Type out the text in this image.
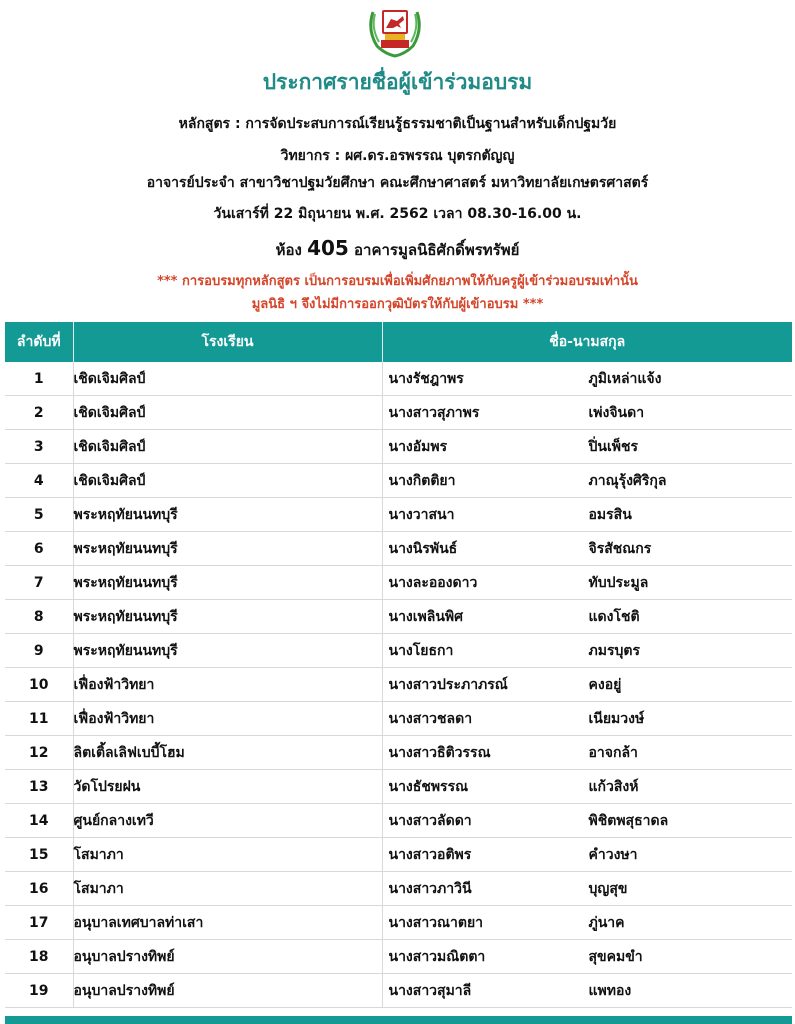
ประกาศรายชื่อผู้เข้าร่วมอบรม
หลักสูตร : การจัดประสบการณ์เรียนรู้ธรรมชาติเป็นฐานสำหรับเด็กปฐมวัย
วิทยากร : ผศ.ดร.อรพรรณ บุตรกตัญญู
อาจารย์ประจำ สาขาวิชาปฐมวัยศึกษา คณะศึกษาศาสตร์ มหาวิทยาลัยเกษตรศาสตร์
วันเสาร์ที่ 22 มิถุนายน พ.ศ. 2562 เวลา 08.30-16.00 น.
ห้อง 405 อาคารมูลนิธิศักดิ์พรทรัพย์
*** การอบรมทุกหลักสูตร เป็นการอบรมเพื่อเพิ่มศักยภาพให้กับครูผู้เข้าร่วมอบรมเท่านั้น
มูลนิธิ ฯ จึงไม่มีการออกวุฒิบัตรให้กับผู้เข้าอบรม ***
ลำดับที่	โรงเรียน	ชื่อ-นามสกุล
1	เชิดเจิมศิลป์	นางรัชฎาพร ภูมิเหล่าแจ้ง

2	เชิดเจิมศิลป์	นางสาวสุภาพร เพ่งจินดา

3	เชิดเจิมศิลป์	นางอัมพร ปิ่นเพ็ชร

4	เชิดเจิมศิลป์	นางกิตติยา ภาณุรุ้งศิริกุล

5	พระหฤทัยนนทบุรี	นางวาสนา อมรสิน

6	พระหฤทัยนนทบุรี	นางนิรพันธ์ จิรสัชณกร

7	พระหฤทัยนนทบุรี	นางละอองดาว ทับประมูล

8	พระหฤทัยนนทบุรี	นางเพลินพิศ แดงโชติ

9	พระหฤทัยนนทบุรี	นางโยธกา ภมรบุตร

10	เฟื่องฟ้าวิทยา	นางสาวประภาภรณ์ คงอยู่

11	เฟื่องฟ้าวิทยา	นางสาวชลดา เนียมวงษ์

12	ลิตเติ้ลเลิฟเบบี้โฮม	นางสาวธิติวรรณ อาจกล้า

13	วัดโปรยฝน	นางธัชพรรณ แก้วสิงห์

14	ศูนย์กลางเทวี	นางสาวลัดดา พิชิตพสุธาดล

15	โสมาภา	นางสาวอติพร คำวงษา

16	โสมาภา	นางสาวภาวินี บุญสุข

17	อนุบาลเทศบาลท่าเสา	นางสาวณาตยา ภู่นาค

18	อนุบาลปรางทิพย์	นางสาวมณิตตา สุขคมขำ

19	อนุบาลปรางทิพย์	นางสาวสุมาลี แพทอง
